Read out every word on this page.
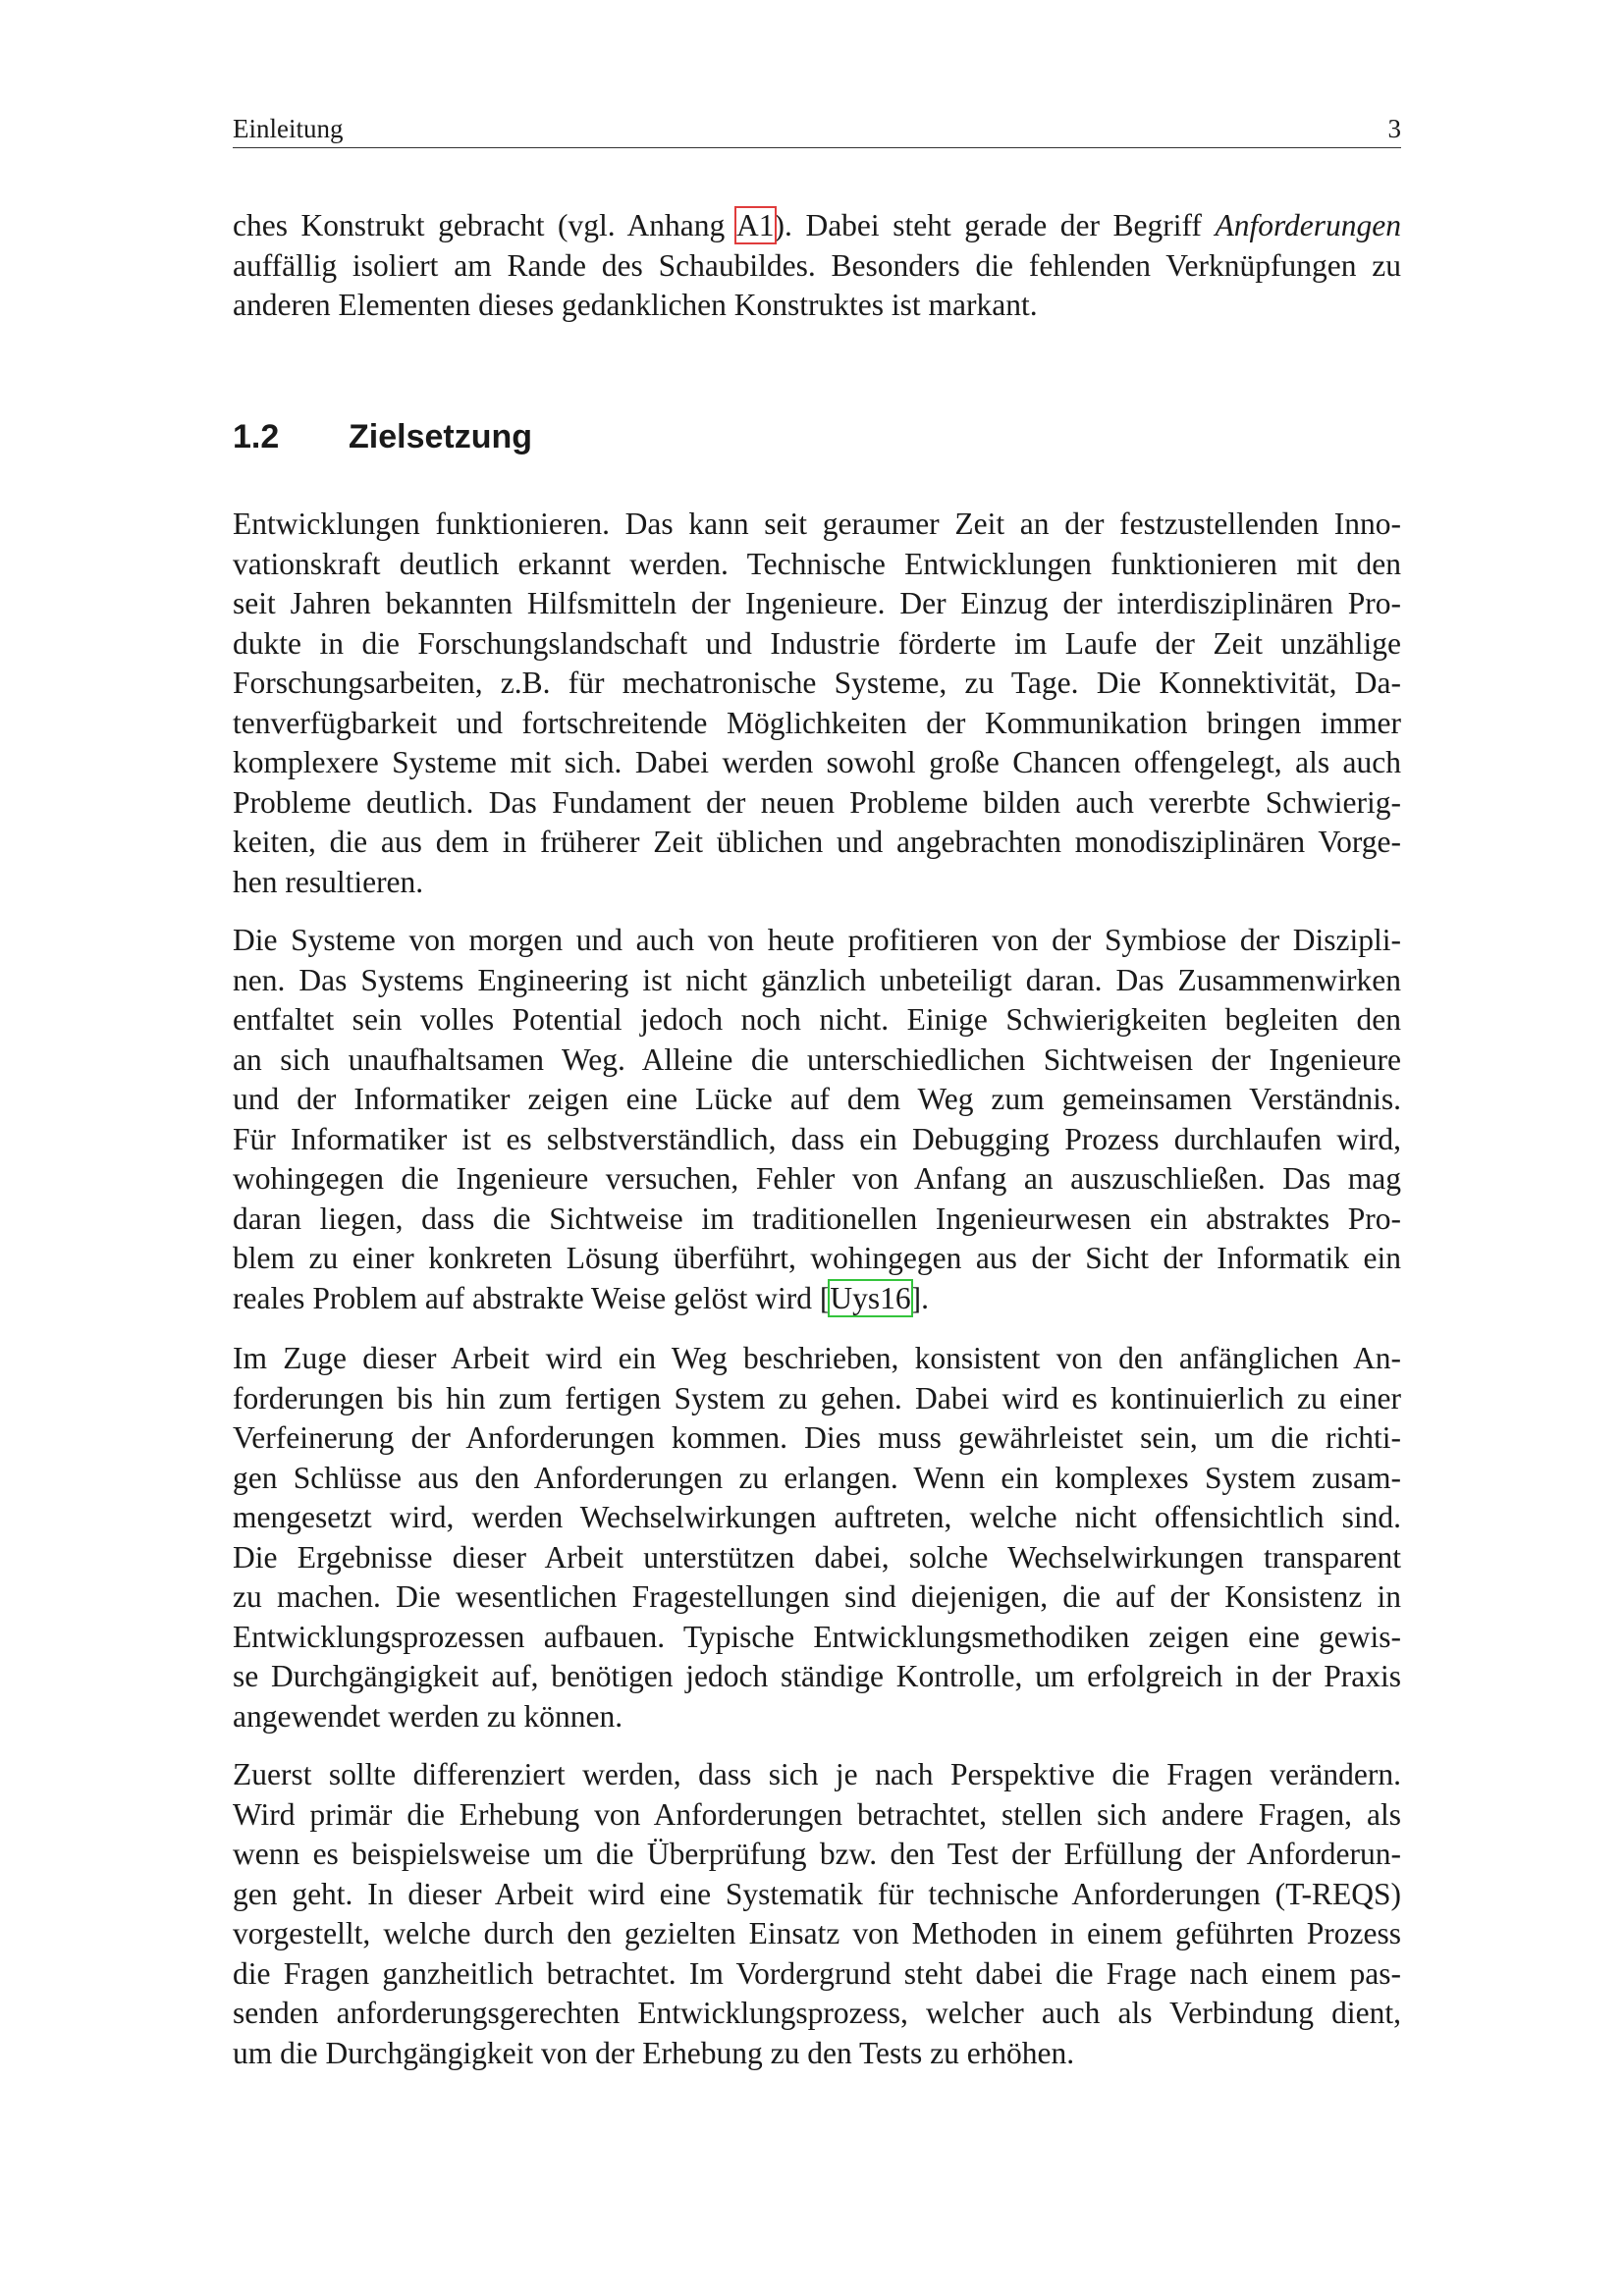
Einleitung	3
ches Konstrukt gebracht (vgl. Anhang A1). Dabei steht gerade der Begriff Anforderungen
auffällig isoliert am Rande des Schaubildes. Besonders die fehlenden Verknüpfungen zu
anderen Elementen dieses gedanklichen Konstruktes ist markant.
1.2 Zielsetzung
Entwicklungen funktionieren. Das kann seit geraumer Zeit an der festzustellenden Inno-
vationskraft deutlich erkannt werden. Technische Entwicklungen funktionieren mit den
seit Jahren bekannten Hilfsmitteln der Ingenieure. Der Einzug der interdisziplinären Pro-
dukte in die Forschungslandschaft und Industrie förderte im Laufe der Zeit unzählige
Forschungsarbeiten, z.B. für mechatronische Systeme, zu Tage. Die Konnektivität, Da-
tenverfügbarkeit und fortschreitende Möglichkeiten der Kommunikation bringen immer
komplexere Systeme mit sich. Dabei werden sowohl große Chancen offengelegt, als auch
Probleme deutlich. Das Fundament der neuen Probleme bilden auch vererbte Schwierig-
keiten, die aus dem in früherer Zeit üblichen und angebrachten monodisziplinären Vorge-
hen resultieren.
Die Systeme von morgen und auch von heute profitieren von der Symbiose der Diszipli-
nen. Das Systems Engineering ist nicht gänzlich unbeteiligt daran. Das Zusammenwirken
entfaltet sein volles Potential jedoch noch nicht. Einige Schwierigkeiten begleiten den
an sich unaufhaltsamen Weg. Alleine die unterschiedlichen Sichtweisen der Ingenieure
und der Informatiker zeigen eine Lücke auf dem Weg zum gemeinsamen Verständnis.
Für Informatiker ist es selbstverständlich, dass ein Debugging Prozess durchlaufen wird,
wohingegen die Ingenieure versuchen, Fehler von Anfang an auszuschließen. Das mag
daran liegen, dass die Sichtweise im traditionellen Ingenieurwesen ein abstraktes Pro-
blem zu einer konkreten Lösung überführt, wohingegen aus der Sicht der Informatik ein
reales Problem auf abstrakte Weise gelöst wird [Uys16].
Im Zuge dieser Arbeit wird ein Weg beschrieben, konsistent von den anfänglichen An-
forderungen bis hin zum fertigen System zu gehen. Dabei wird es kontinuierlich zu einer
Verfeinerung der Anforderungen kommen. Dies muss gewährleistet sein, um die richti-
gen Schlüsse aus den Anforderungen zu erlangen. Wenn ein komplexes System zusam-
mengesetzt wird, werden Wechselwirkungen auftreten, welche nicht offensichtlich sind.
Die Ergebnisse dieser Arbeit unterstützen dabei, solche Wechselwirkungen transparent
zu machen. Die wesentlichen Fragestellungen sind diejenigen, die auf der Konsistenz in
Entwicklungsprozessen aufbauen. Typische Entwicklungsmethodiken zeigen eine gewis-
se Durchgängigkeit auf, benötigen jedoch ständige Kontrolle, um erfolgreich in der Praxis
angewendet werden zu können.
Zuerst sollte differenziert werden, dass sich je nach Perspektive die Fragen verändern.
Wird primär die Erhebung von Anforderungen betrachtet, stellen sich andere Fragen, als
wenn es beispielsweise um die Überprüfung bzw. den Test der Erfüllung der Anforderun-
gen geht. In dieser Arbeit wird eine Systematik für technische Anforderungen (T-REQS)
vorgestellt, welche durch den gezielten Einsatz von Methoden in einem geführten Prozess
die Fragen ganzheitlich betrachtet. Im Vordergrund steht dabei die Frage nach einem pas-
senden anforderungsgerechten Entwicklungsprozess, welcher auch als Verbindung dient,
um die Durchgängigkeit von der Erhebung zu den Tests zu erhöhen.
